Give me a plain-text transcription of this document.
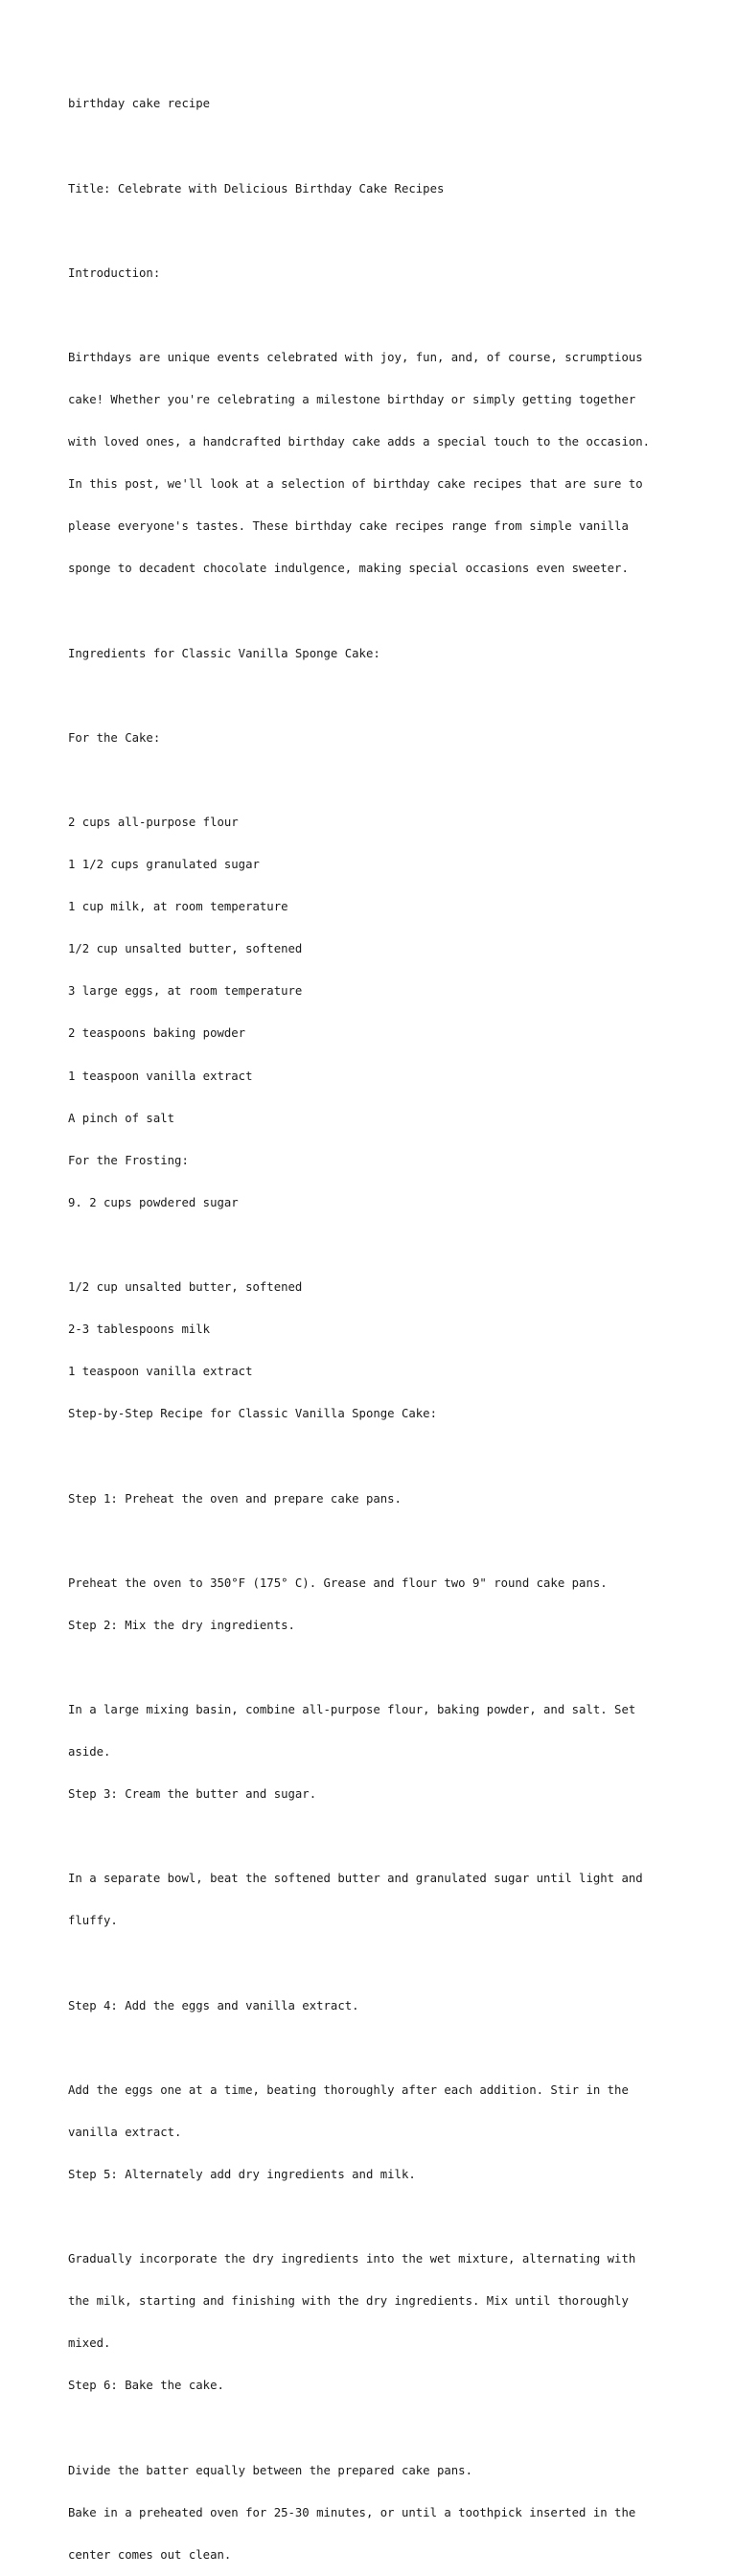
birthday cake recipe

Title: Celebrate with Delicious Birthday Cake Recipes

Introduction:

Birthdays are unique events celebrated with joy, fun, and, of course, scrumptious

cake! Whether you're celebrating a milestone birthday or simply getting together

with loved ones, a handcrafted birthday cake adds a special touch to the occasion.

In this post, we'll look at a selection of birthday cake recipes that are sure to

please everyone's tastes. These birthday cake recipes range from simple vanilla

sponge to decadent chocolate indulgence, making special occasions even sweeter.

Ingredients for Classic Vanilla Sponge Cake:

For the Cake:

2 cups all-purpose flour

1 1/2 cups granulated sugar

1 cup milk, at room temperature

1/2 cup unsalted butter, softened

3 large eggs, at room temperature

2 teaspoons baking powder

1 teaspoon vanilla extract

A pinch of salt

For the Frosting:

9. 2 cups powdered sugar

1/2 cup unsalted butter, softened

2-3 tablespoons milk

1 teaspoon vanilla extract

Step-by-Step Recipe for Classic Vanilla Sponge Cake:

Step 1: Preheat the oven and prepare cake pans.

Preheat the oven to 350°F (175° C). Grease and flour two 9" round cake pans.

Step 2: Mix the dry ingredients.

In a large mixing basin, combine all-purpose flour, baking powder, and salt. Set

aside.

Step 3: Cream the butter and sugar.

In a separate bowl, beat the softened butter and granulated sugar until light and

fluffy.

Step 4: Add the eggs and vanilla extract.

Add the eggs one at a time, beating thoroughly after each addition. Stir in the

vanilla extract.

Step 5: Alternately add dry ingredients and milk.

Gradually incorporate the dry ingredients into the wet mixture, alternating with

the milk, starting and finishing with the dry ingredients. Mix until thoroughly

mixed.

Step 6: Bake the cake.

Divide the batter equally between the prepared cake pans.

Bake in a preheated oven for 25-30 minutes, or until a toothpick inserted in the

center comes out clean.
